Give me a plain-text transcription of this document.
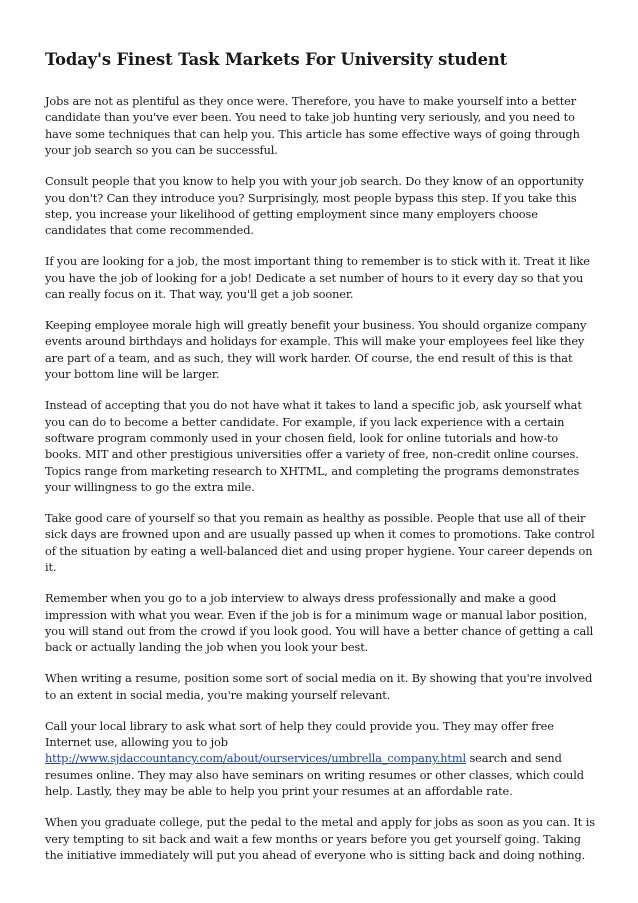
Today's Finest Task Markets For University student

Jobs are not as plentiful as they once were. Therefore, you have to make yourself into a better candidate than you've ever been. You need to take job hunting very seriously, and you need to have some techniques that can help you. This article has some effective ways of going through your job search so you can be successful.

Consult people that you know to help you with your job search. Do they know of an opportunity you don't? Can they introduce you? Surprisingly, most people bypass this step. If you take this step, you increase your likelihood of getting employment since many employers choose candidates that come recommended.

If you are looking for a job, the most important thing to remember is to stick with it. Treat it like you have the job of looking for a job! Dedicate a set number of hours to it every day so that you can really focus on it. That way, you'll get a job sooner.

Keeping employee morale high will greatly benefit your business. You should organize company events around birthdays and holidays for example. This will make your employees feel like they are part of a team, and as such, they will work harder. Of course, the end result of this is that your bottom line will be larger.

Instead of accepting that you do not have what it takes to land a specific job, ask yourself what you can do to become a better candidate. For example, if you lack experience with a certain software program commonly used in your chosen field, look for online tutorials and how-to books. MIT and other prestigious universities offer a variety of free, non-credit online courses. Topics range from marketing research to XHTML, and completing the programs demonstrates your willingness to go the extra mile.

Take good care of yourself so that you remain as healthy as possible. People that use all of their sick days are frowned upon and are usually passed up when it comes to promotions. Take control of the situation by eating a well-balanced diet and using proper hygiene. Your career depends on it.

Remember when you go to a job interview to always dress professionally and make a good impression with what you wear. Even if the job is for a minimum wage or manual labor position, you will stand out from the crowd if you look good. You will have a better chance of getting a call back or actually landing the job when you look your best.

When writing a resume, position some sort of social media on it. By showing that you're involved to an extent in social media, you're making yourself relevant.

Call your local library to ask what sort of help they could provide you. They may offer free Internet use, allowing you to job http://www.sjdaccountancy.com/about/ourservices/umbrella_company.html search and send resumes online. They may also have seminars on writing resumes or other classes, which could help. Lastly, they may be able to help you print your resumes at an affordable rate.

When you graduate college, put the pedal to the metal and apply for jobs as soon as you can. It is very tempting to sit back and wait a few months or years before you get yourself going. Taking the initiative immediately will put you ahead of everyone who is sitting back and doing nothing.
